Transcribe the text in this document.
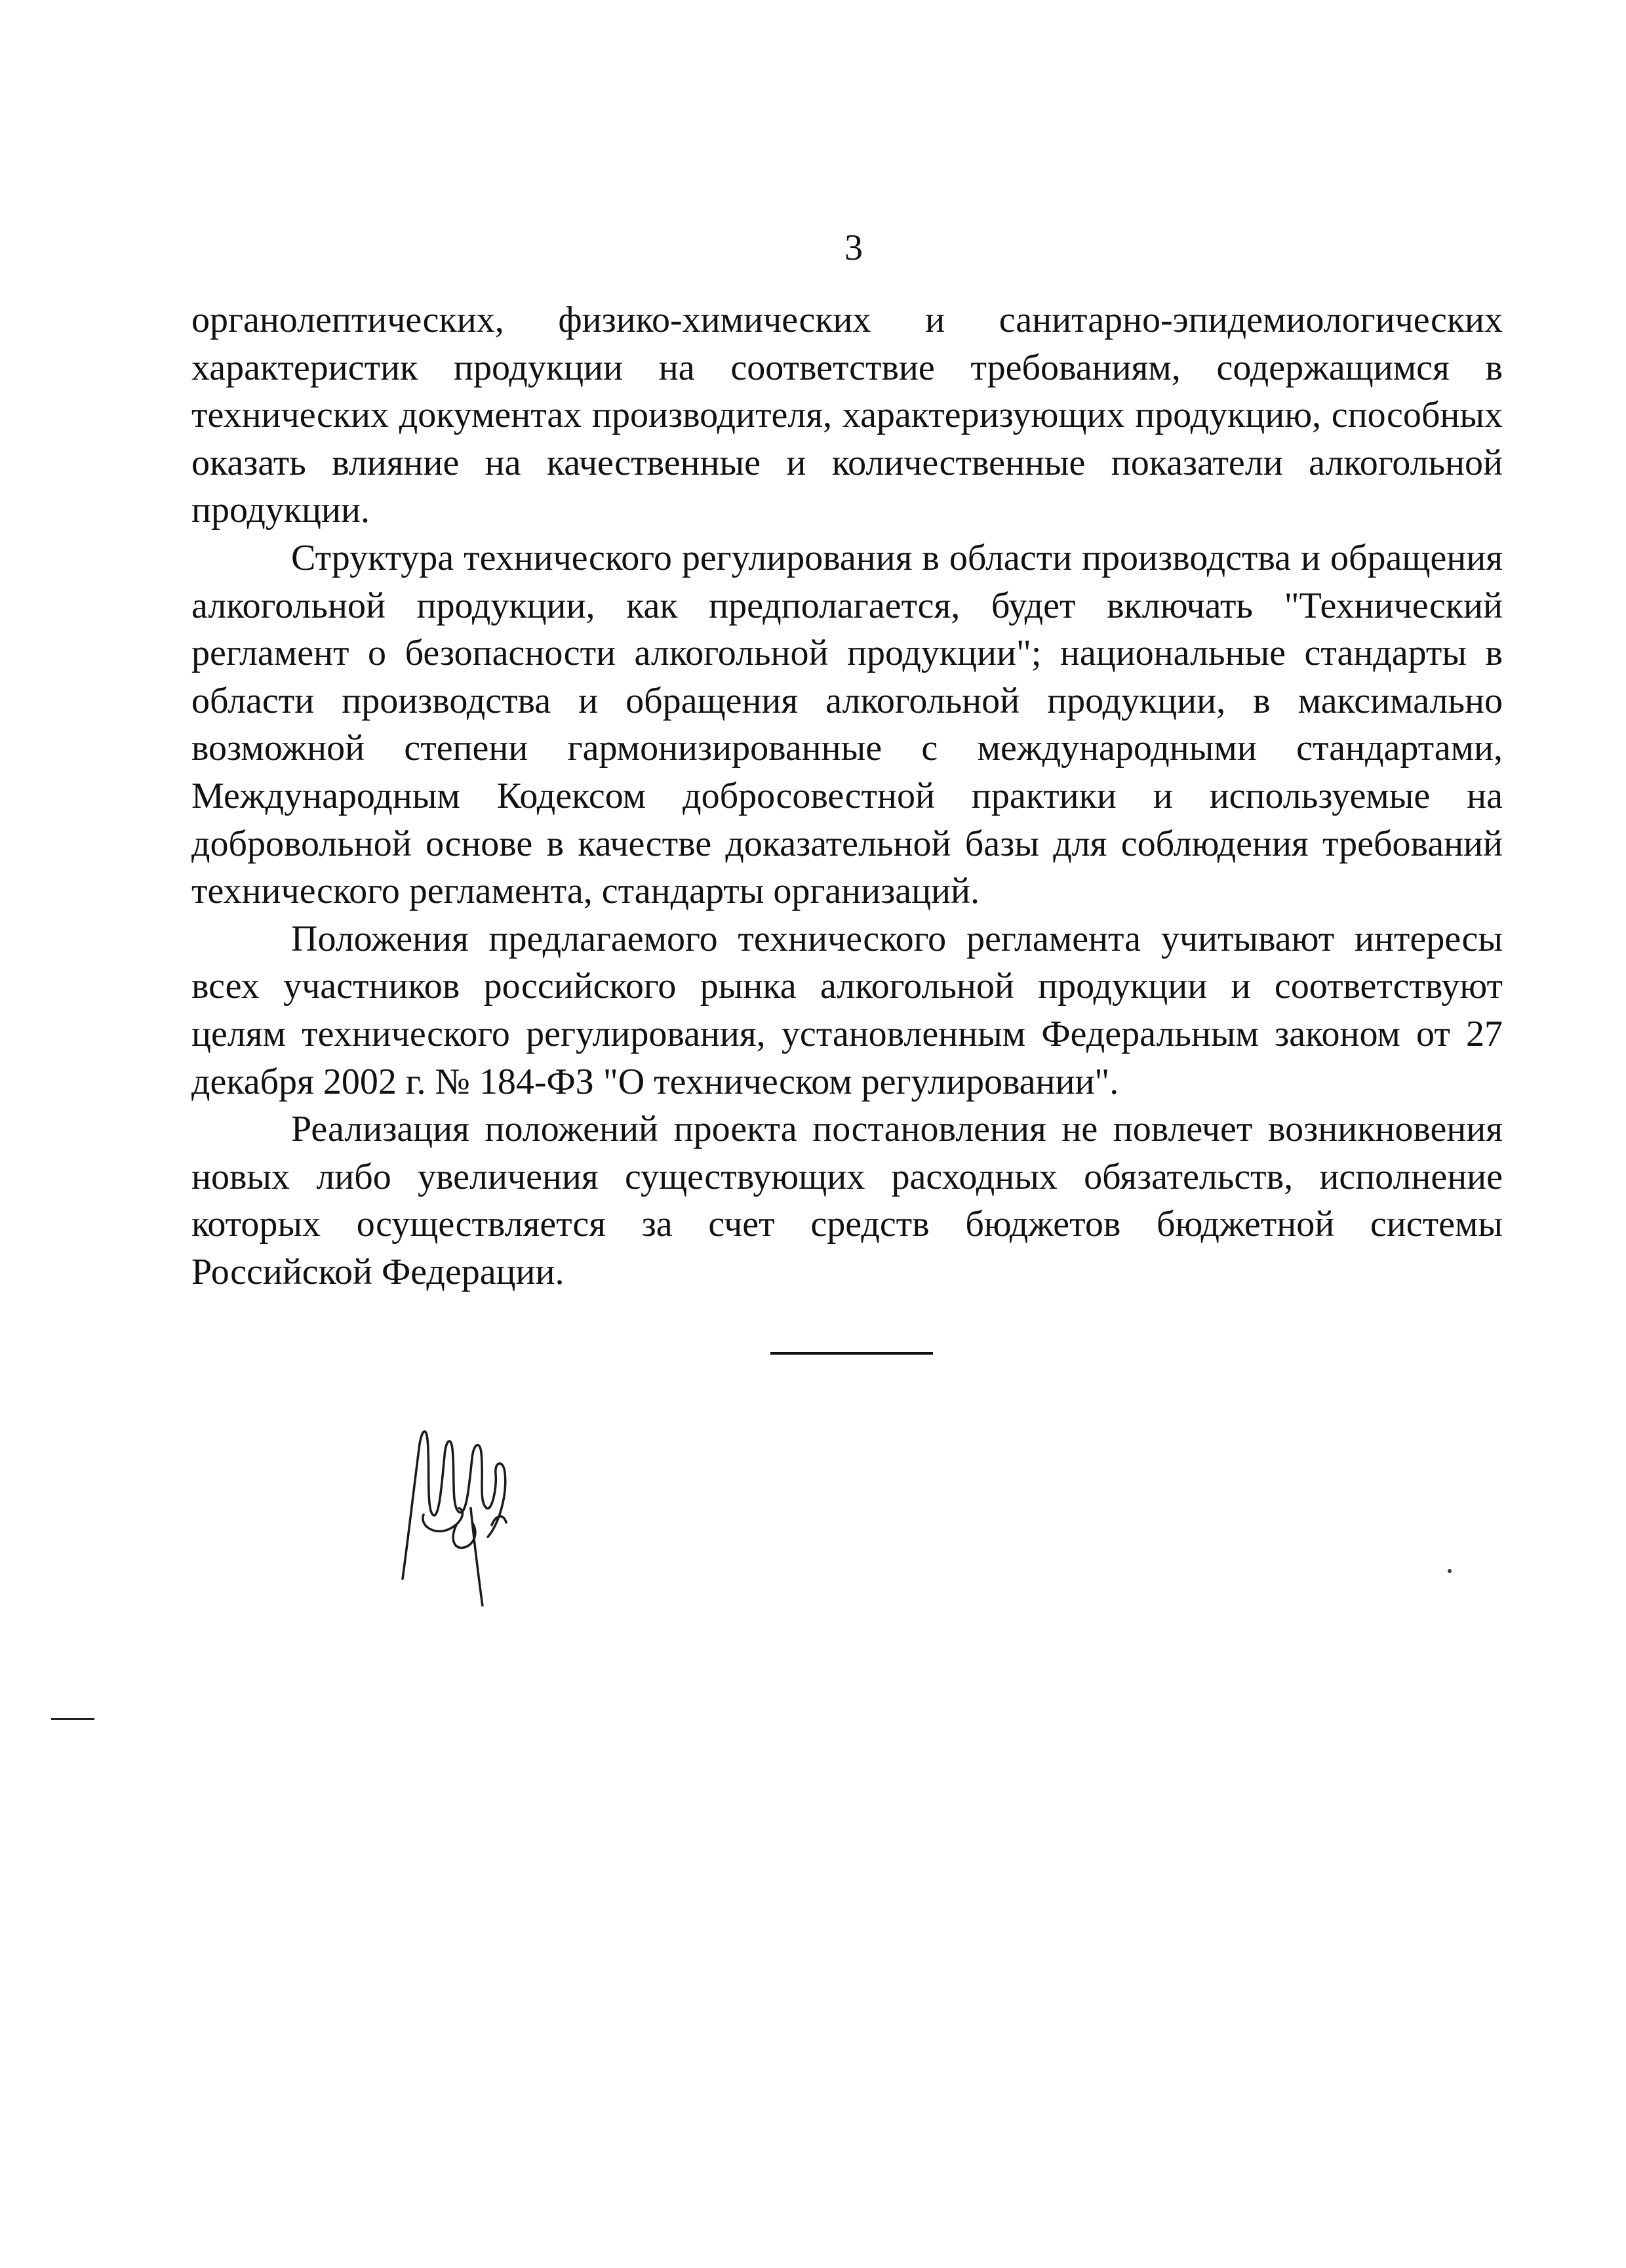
3

органолептических, физико-химических и санитарно-эпидемиологических характеристик продукции на соответствие требованиям, содержащимся в технических документах производителя, характеризующих продукцию, способных оказать влияние на качественные и количественные показатели алкогольной продукции.

Структура технического регулирования в области производства и обращения алкогольной продукции, как предполагается, будет включать "Технический регламент о безопасности алкогольной продукции"; национальные стандарты в области производства и обращения алкогольной продукции, в максимально возможной степени гармонизированные с международными стандартами, Международным Кодексом добросовестной практики и используемые на добровольной основе в качестве доказательной базы для соблюдения требований технического регламента, стандарты организаций.

Положения предлагаемого технического регламента учитывают интересы всех участников российского рынка алкогольной продукции и соответствуют целям технического регулирования, установленным Федеральным законом от 27 декабря 2002 г. № 184-ФЗ "О техническом регулировании".

Реализация положений проекта постановления не повлечет возникновения новых либо увеличения существующих расходных обязательств, исполнение которых осуществляется за счет средств бюджетов бюджетной системы Российской Федерации.
